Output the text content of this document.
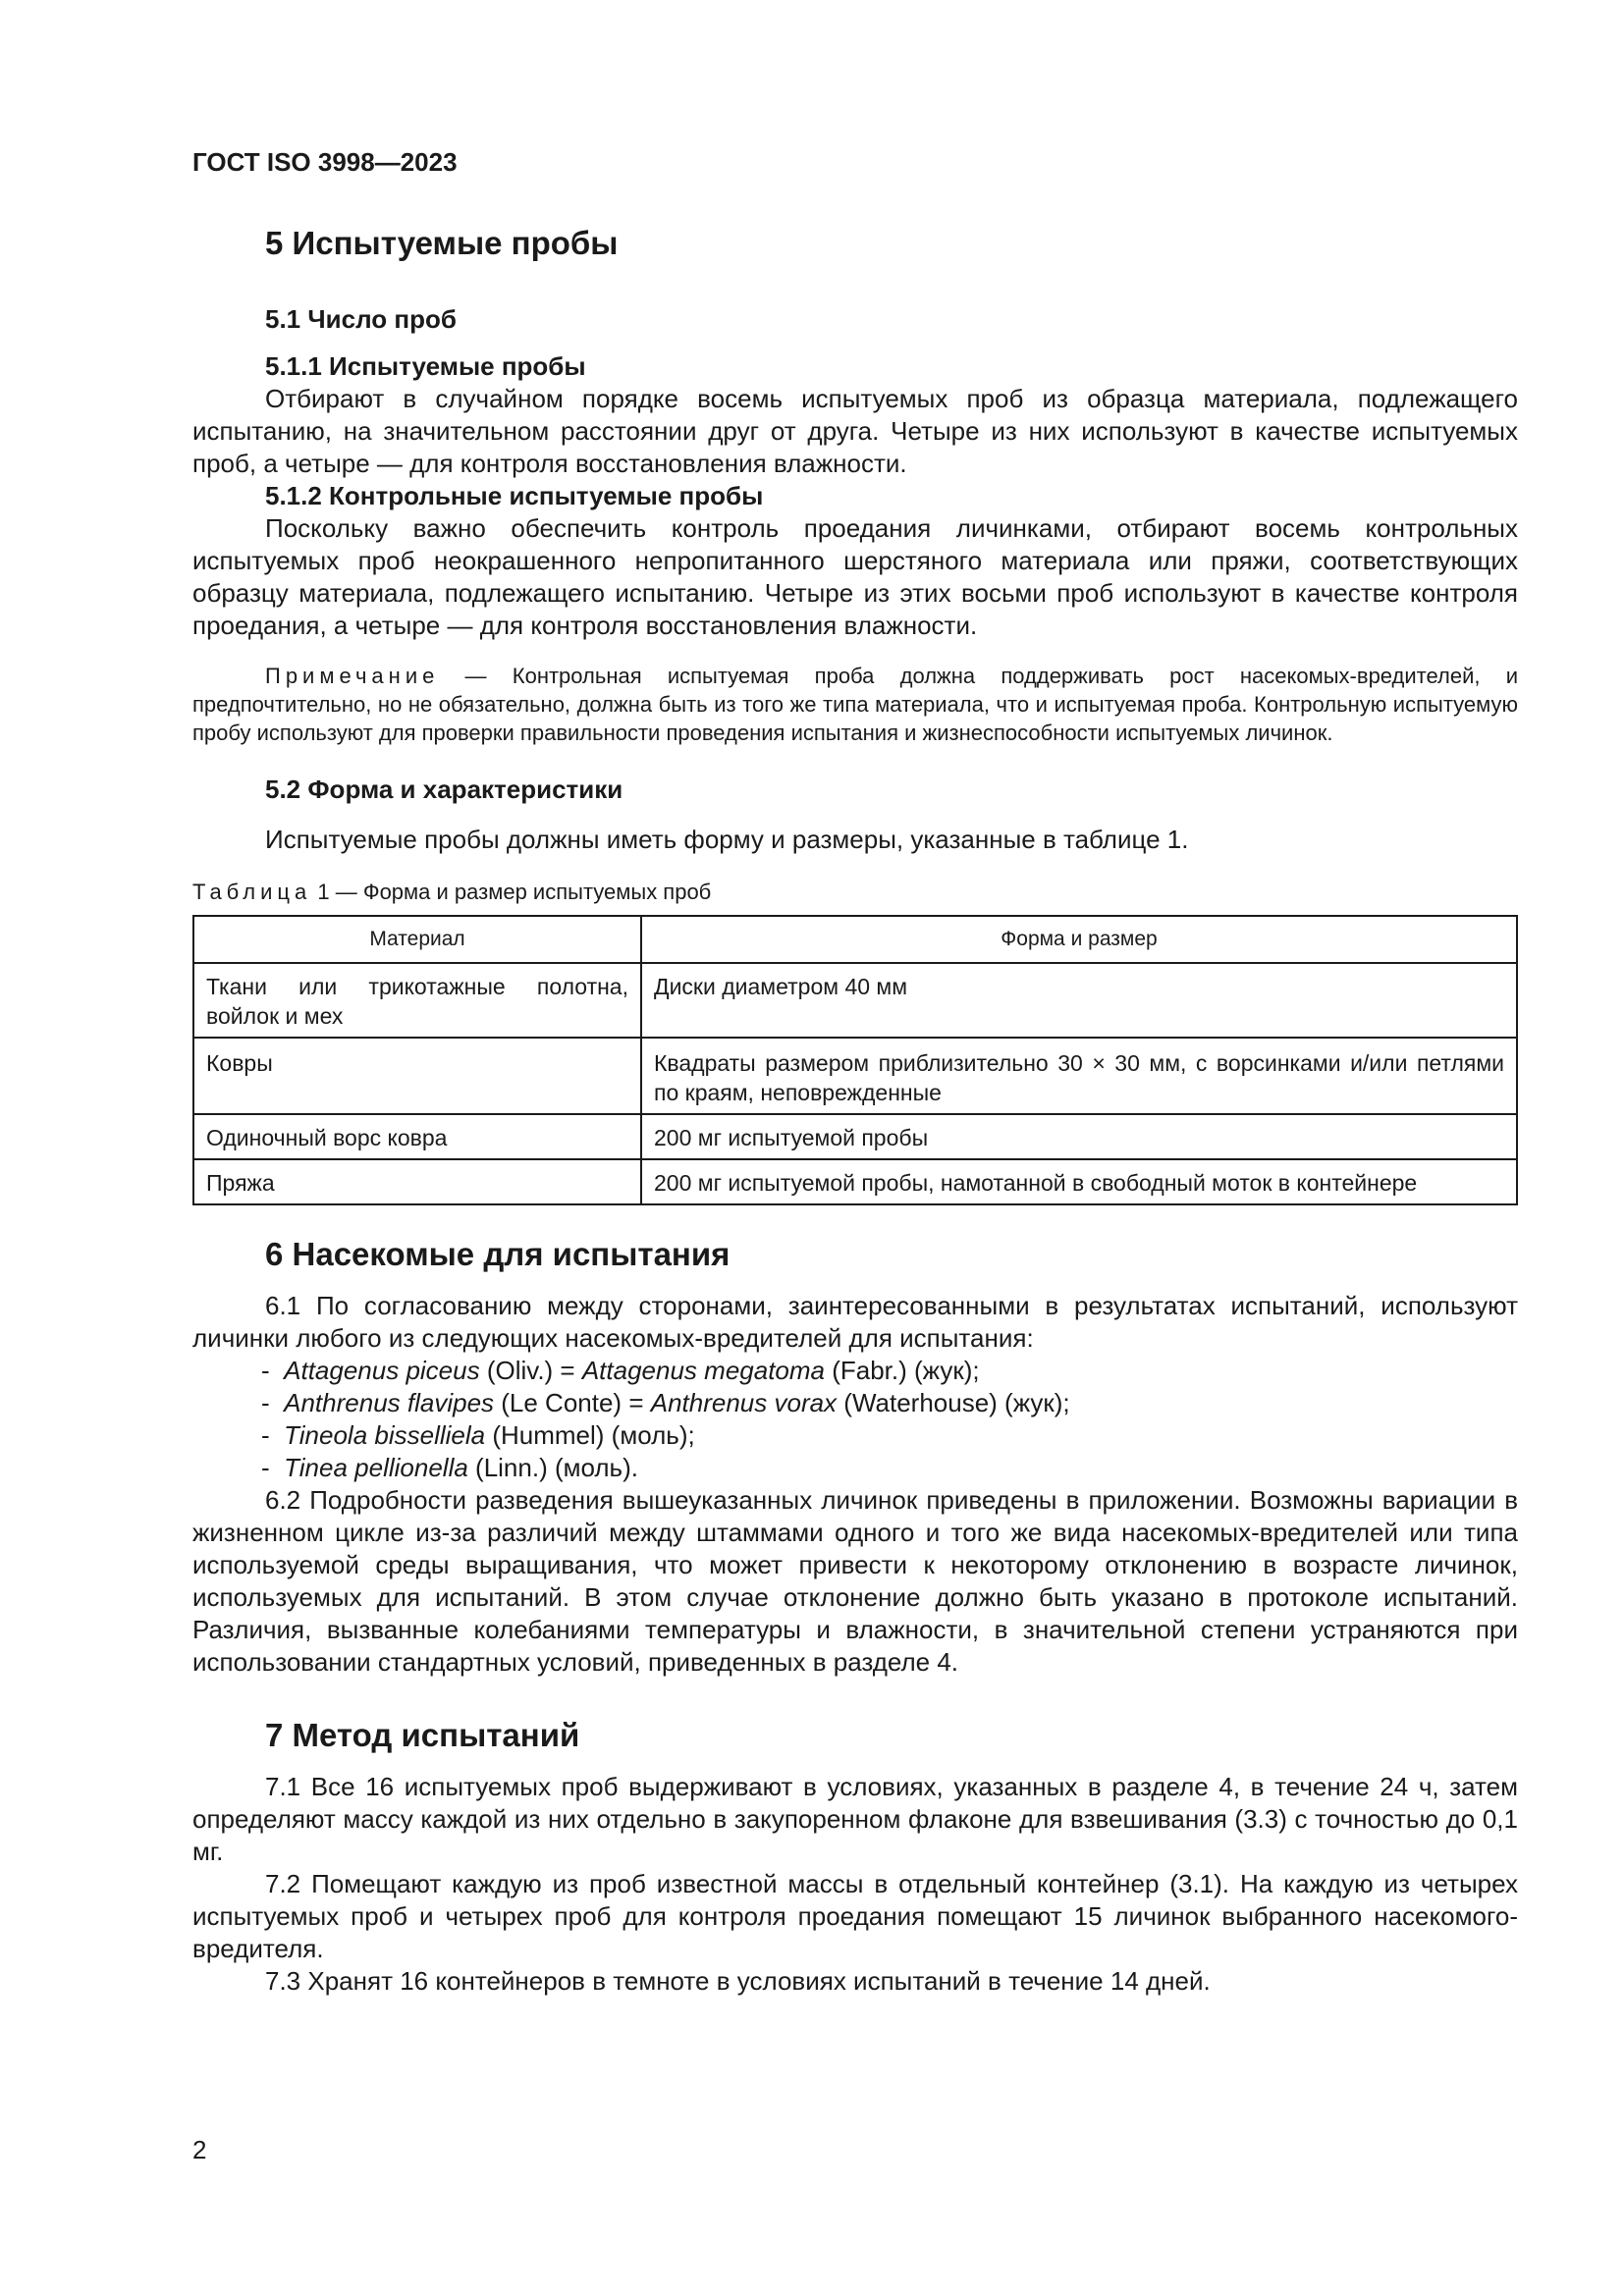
ГОСТ ISO 3998—2023
5 Испытуемые пробы
5.1 Число проб
5.1.1 Испытуемые пробы

Отбирают в случайном порядке восемь испытуемых проб из образца материала, подлежащего испытанию, на значительном расстоянии друг от друга. Четыре из них используют в качестве испытуемых проб, а четыре — для контроля восстановления влажности.

5.1.2 Контрольные испытуемые пробы

Поскольку важно обеспечить контроль проедания личинками, отбирают восемь контрольных испытуемых проб неокрашенного непропитанного шерстяного материала или пряжи, соответствующих образцу материала, подлежащего испытанию. Четыре из этих восьми проб используют в качестве контроля проедания, а четыре — для контроля восстановления влажности.

Примечание — Контрольная испытуемая проба должна поддерживать рост насекомых-вредителей, и предпочтительно, но не обязательно, должна быть из того же типа материала, что и испытуемая проба. Контрольную испытуемую пробу используют для проверки правильности проведения испытания и жизнеспособности испытуемых личинок.

5.2 Форма и характеристики

Испытуемые пробы должны иметь форму и размеры, указанные в таблице 1.

Таблица 1 — Форма и размер испытуемых проб
Материал	Форма и размер
Ткани или трикотажные полотна, войлок и мех	Диски диаметром 40 мм
Ковры	Квадраты размером приблизительно 30 × 30 мм, с ворсинками и/или петлями по краям, неповрежденные
Одиночный ворс ковра	200 мг испытуемой пробы
Пряжа	200 мг испытуемой пробы, намотанной в свободный моток в контейнере
6 Насекомые для испытания

6.1 По согласованию между сторонами, заинтересованными в результатах испытаний, используют личинки любого из следующих насекомых-вредителей для испытания:

- Attagenus piceus (Oliv.) = Attagenus megatoma (Fabr.) (жук);
- Anthrenus flavipes (Le Conte) = Anthrenus vorax (Waterhouse) (жук);
- Tineola bisselliela (Hummel) (моль);
- Tinea pellionella (Linn.) (моль).

6.2 Подробности разведения вышеуказанных личинок приведены в приложении. Возможны вариации в жизненном цикле из-за различий между штаммами одного и того же вида насекомых-вредителей или типа используемой среды выращивания, что может привести к некоторому отклонению в возрасте личинок, используемых для испытаний. В этом случае отклонение должно быть указано в протоколе испытаний. Различия, вызванные колебаниями температуры и влажности, в значительной степени устраняются при использовании стандартных условий, приведенных в разделе 4.

7 Метод испытаний

7.1 Все 16 испытуемых проб выдерживают в условиях, указанных в разделе 4, в течение 24 ч, затем определяют массу каждой из них отдельно в закупоренном флаконе для взвешивания (3.3) с точностью до 0,1 мг.

7.2 Помещают каждую из проб известной массы в отдельный контейнер (3.1). На каждую из четырех испытуемых проб и четырех проб для контроля проедания помещают 15 личинок выбранного насекомого-вредителя.

7.3 Хранят 16 контейнеров в темноте в условиях испытаний в течение 14 дней.

2
